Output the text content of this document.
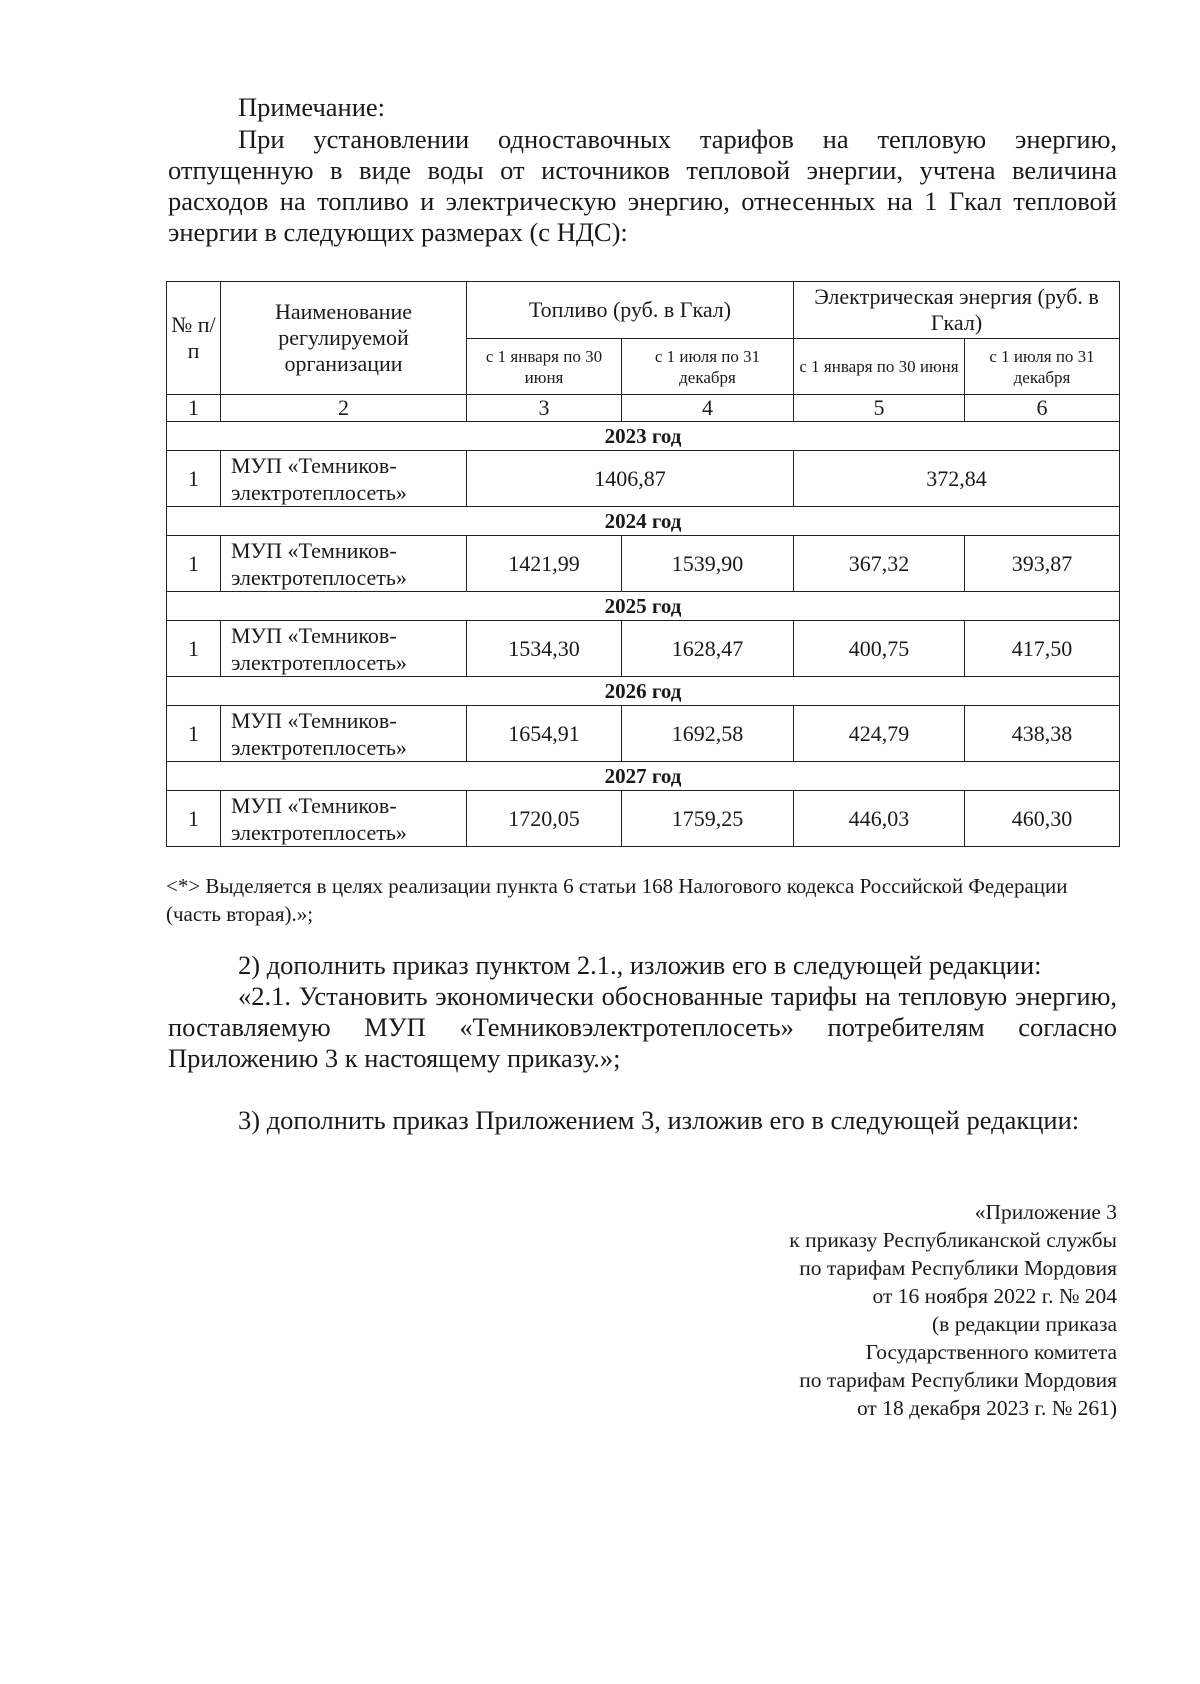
Примечание:
При установлении одноставочных тарифов на тепловую энергию, отпущенную в виде воды от источников тепловой энергии, учтена величина расходов на топливо и электрическую энергию, отнесенных на 1 Гкал тепловой энергии в следующих размерах (с НДС):
№ п/п	Наименование регулируемой организации	Топливо (руб. в Гкал)		Электрическая энергия (руб. в Гкал)	
		с 1 января по 30 июня	с 1 июля по 31 декабря	с 1 января по 30 июня	с 1 июля по 31 декабря
1	2	3	4	5	6
2023 год					
1	МУП «Темников-электротеплосеть»	1406,87		372,84	
2024 год					
1	МУП «Темников-электротеплосеть»	1421,99	1539,90	367,32	393,87
2025 год					
1	МУП «Темников-электротеплосеть»	1534,30	1628,47	400,75	417,50
2026 год					
1	МУП «Темников-электротеплосеть»	1654,91	1692,58	424,79	438,38
2027 год					
1	МУП «Темников-электротеплосеть»	1720,05	1759,25	446,03	460,30
<*> Выделяется в целях реализации пункта 6 статьи 168 Налогового кодекса Российской Федерации (часть вторая).»;
2) дополнить приказ пунктом 2.1., изложив его в следующей редакции:
«2.1. Установить экономически обоснованные тарифы на тепловую энергию, поставляемую МУП «Темниковэлектротеплосеть» потребителям согласно Приложению 3 к настоящему приказу.»;
3) дополнить приказ Приложением 3, изложив его в следующей редакции:
«Приложение 3
к приказу Республиканской службы
по тарифам Республики Мордовия
от 16 ноября 2022 г. № 204
(в редакции приказа
Государственного комитета
по тарифам Республики Мордовия
от 18 декабря 2023 г. № 261)
